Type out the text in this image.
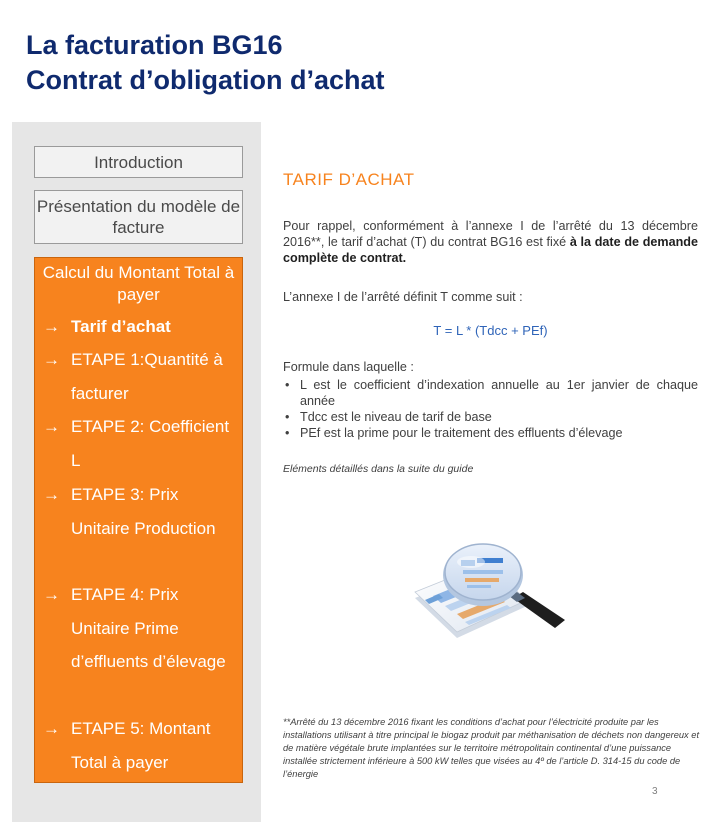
La facturation BG16
Contrat d’obligation d’achat
Introduction
Présentation du modèle de facture
Calcul du Montant Total à payer
→ Tarif d’achat
→ ETAPE 1:Quantité à facturer
→ ETAPE 2: Coefficient L
→ ETAPE 3: Prix Unitaire Production
→ ETAPE 4: Prix Unitaire Prime d’effluents d’élevage
→ ETAPE 5: Montant Total à payer
TARIF D’ACHAT
Pour rappel, conformément à l’annexe I de l’arrêté du 13 décembre 2016**, le tarif d’achat (T) du contrat BG16 est fixé à la date de demande complète de contrat.
L’annexe I de l’arrêté définit T comme suit :
T = L * (Tdcc + PEf)
Formule dans laquelle :
• L est le coefficient d’indexation annuelle au 1er janvier de chaque année
• Tdcc est le niveau de tarif de base
• PEf est la prime pour le traitement des effluents d’élevage
Eléments détaillés dans la suite du guide
**Arrêté du 13 décembre 2016 fixant les conditions d’achat pour l’électricité produite par les installations utilisant à titre principal le biogaz produit par méthanisation de déchets non dangereux et de matière végétale brute implantées sur le territoire métropolitain continental d’une puissance installée strictement inférieure à 500 kW telles que visées au 4º de l’article D. 314-15 du code de l’énergie
3
